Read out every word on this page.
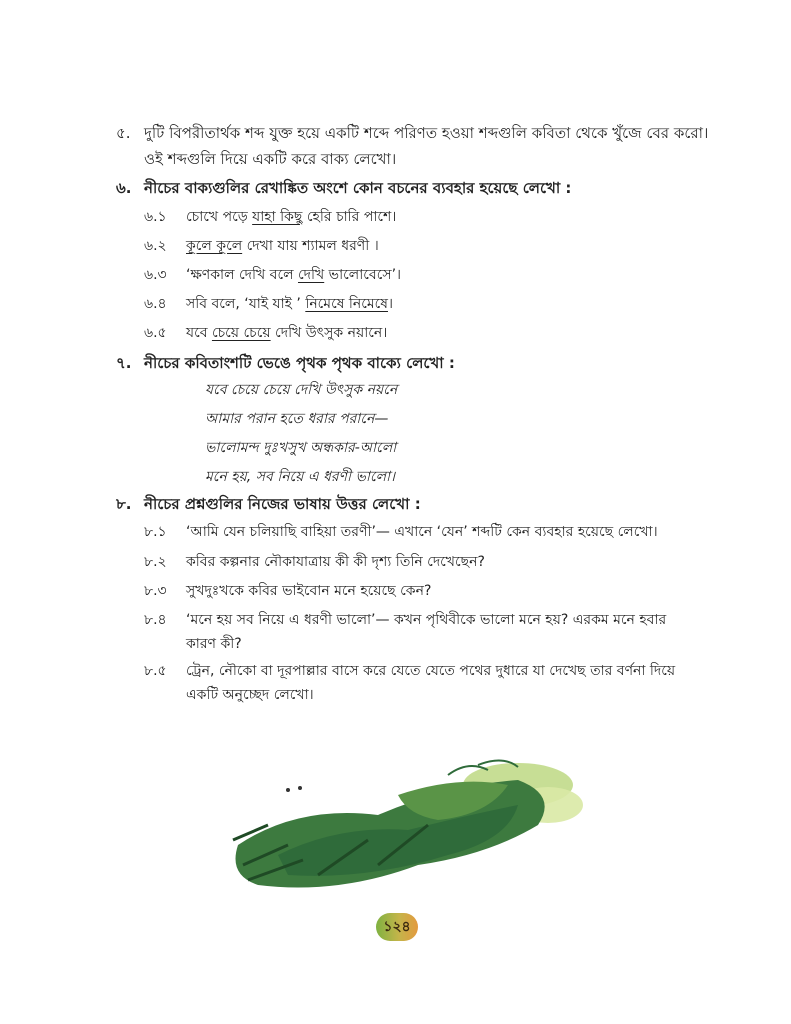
৫. দুটি বিপরীতার্থক শব্দ যুক্ত হয়ে একটি শব্দে পরিণত হওয়া শব্দগুলি কবিতা থেকে খুঁজে বের করো।
ওই শব্দগুলি দিয়ে একটি করে বাক্য লেখো।
৬. নীচের বাক্যগুলির রেখাঙ্কিত অংশে কোন বচনের ব্যবহার হয়েছে লেখো :
৬.১ চোখে পড়ে যাহা কিছু হেরি চারি পাশে।
৬.২ কূলে কূলে দেখা যায় শ্যামল ধরণী ।
৬.৩ ‘ক্ষণকাল দেখি বলে দেখি ভালোবেসে’।
৬.৪ সবি বলে, ‘যাই যাই ’ নিমেষে নিমেষে।
৬.৫ যবে চেয়ে চেয়ে দেখি উৎসুক নয়ানে।
৭. নীচের কবিতাংশটি ভেঙে পৃথক পৃথক বাক্যে লেখো :
যবে চেয়ে চেয়ে দেখি উৎসুক নয়নে
আমার পরান হতে ধরার পরানে—
ভালোমন্দ দুঃখসুখ অন্ধকার-আলো
মনে হয়, সব নিয়ে এ ধরণী ভালো।
৮. নীচের প্রশ্নগুলির নিজের ভাষায় উত্তর লেখো :
৮.১ ‘আমি যেন চলিয়াছি বাহিয়া তরণী’— এখানে ‘যেন’ শব্দটি কেন ব্যবহার হয়েছে লেখো।
৮.২ কবির কল্পনার নৌকাযাত্রায় কী কী দৃশ্য তিনি দেখেছেন?
৮.৩ সুখদুঃখকে কবির ভাইবোন মনে হয়েছে কেন?
৮.৪ ‘মনে হয় সব নিয়ে এ ধরণী ভালো’— কখন পৃথিবীকে ভালো মনে হয়? এরকম মনে হবার
কারণ কী?
৮.৫ ট্রেন, নৌকো বা দূরপাল্লার বাসে করে যেতে যেতে পথের দুধারে যা দেখেছ তার বর্ণনা দিয়ে
একটি অনুচ্ছেদ লেখো।
১২৪
